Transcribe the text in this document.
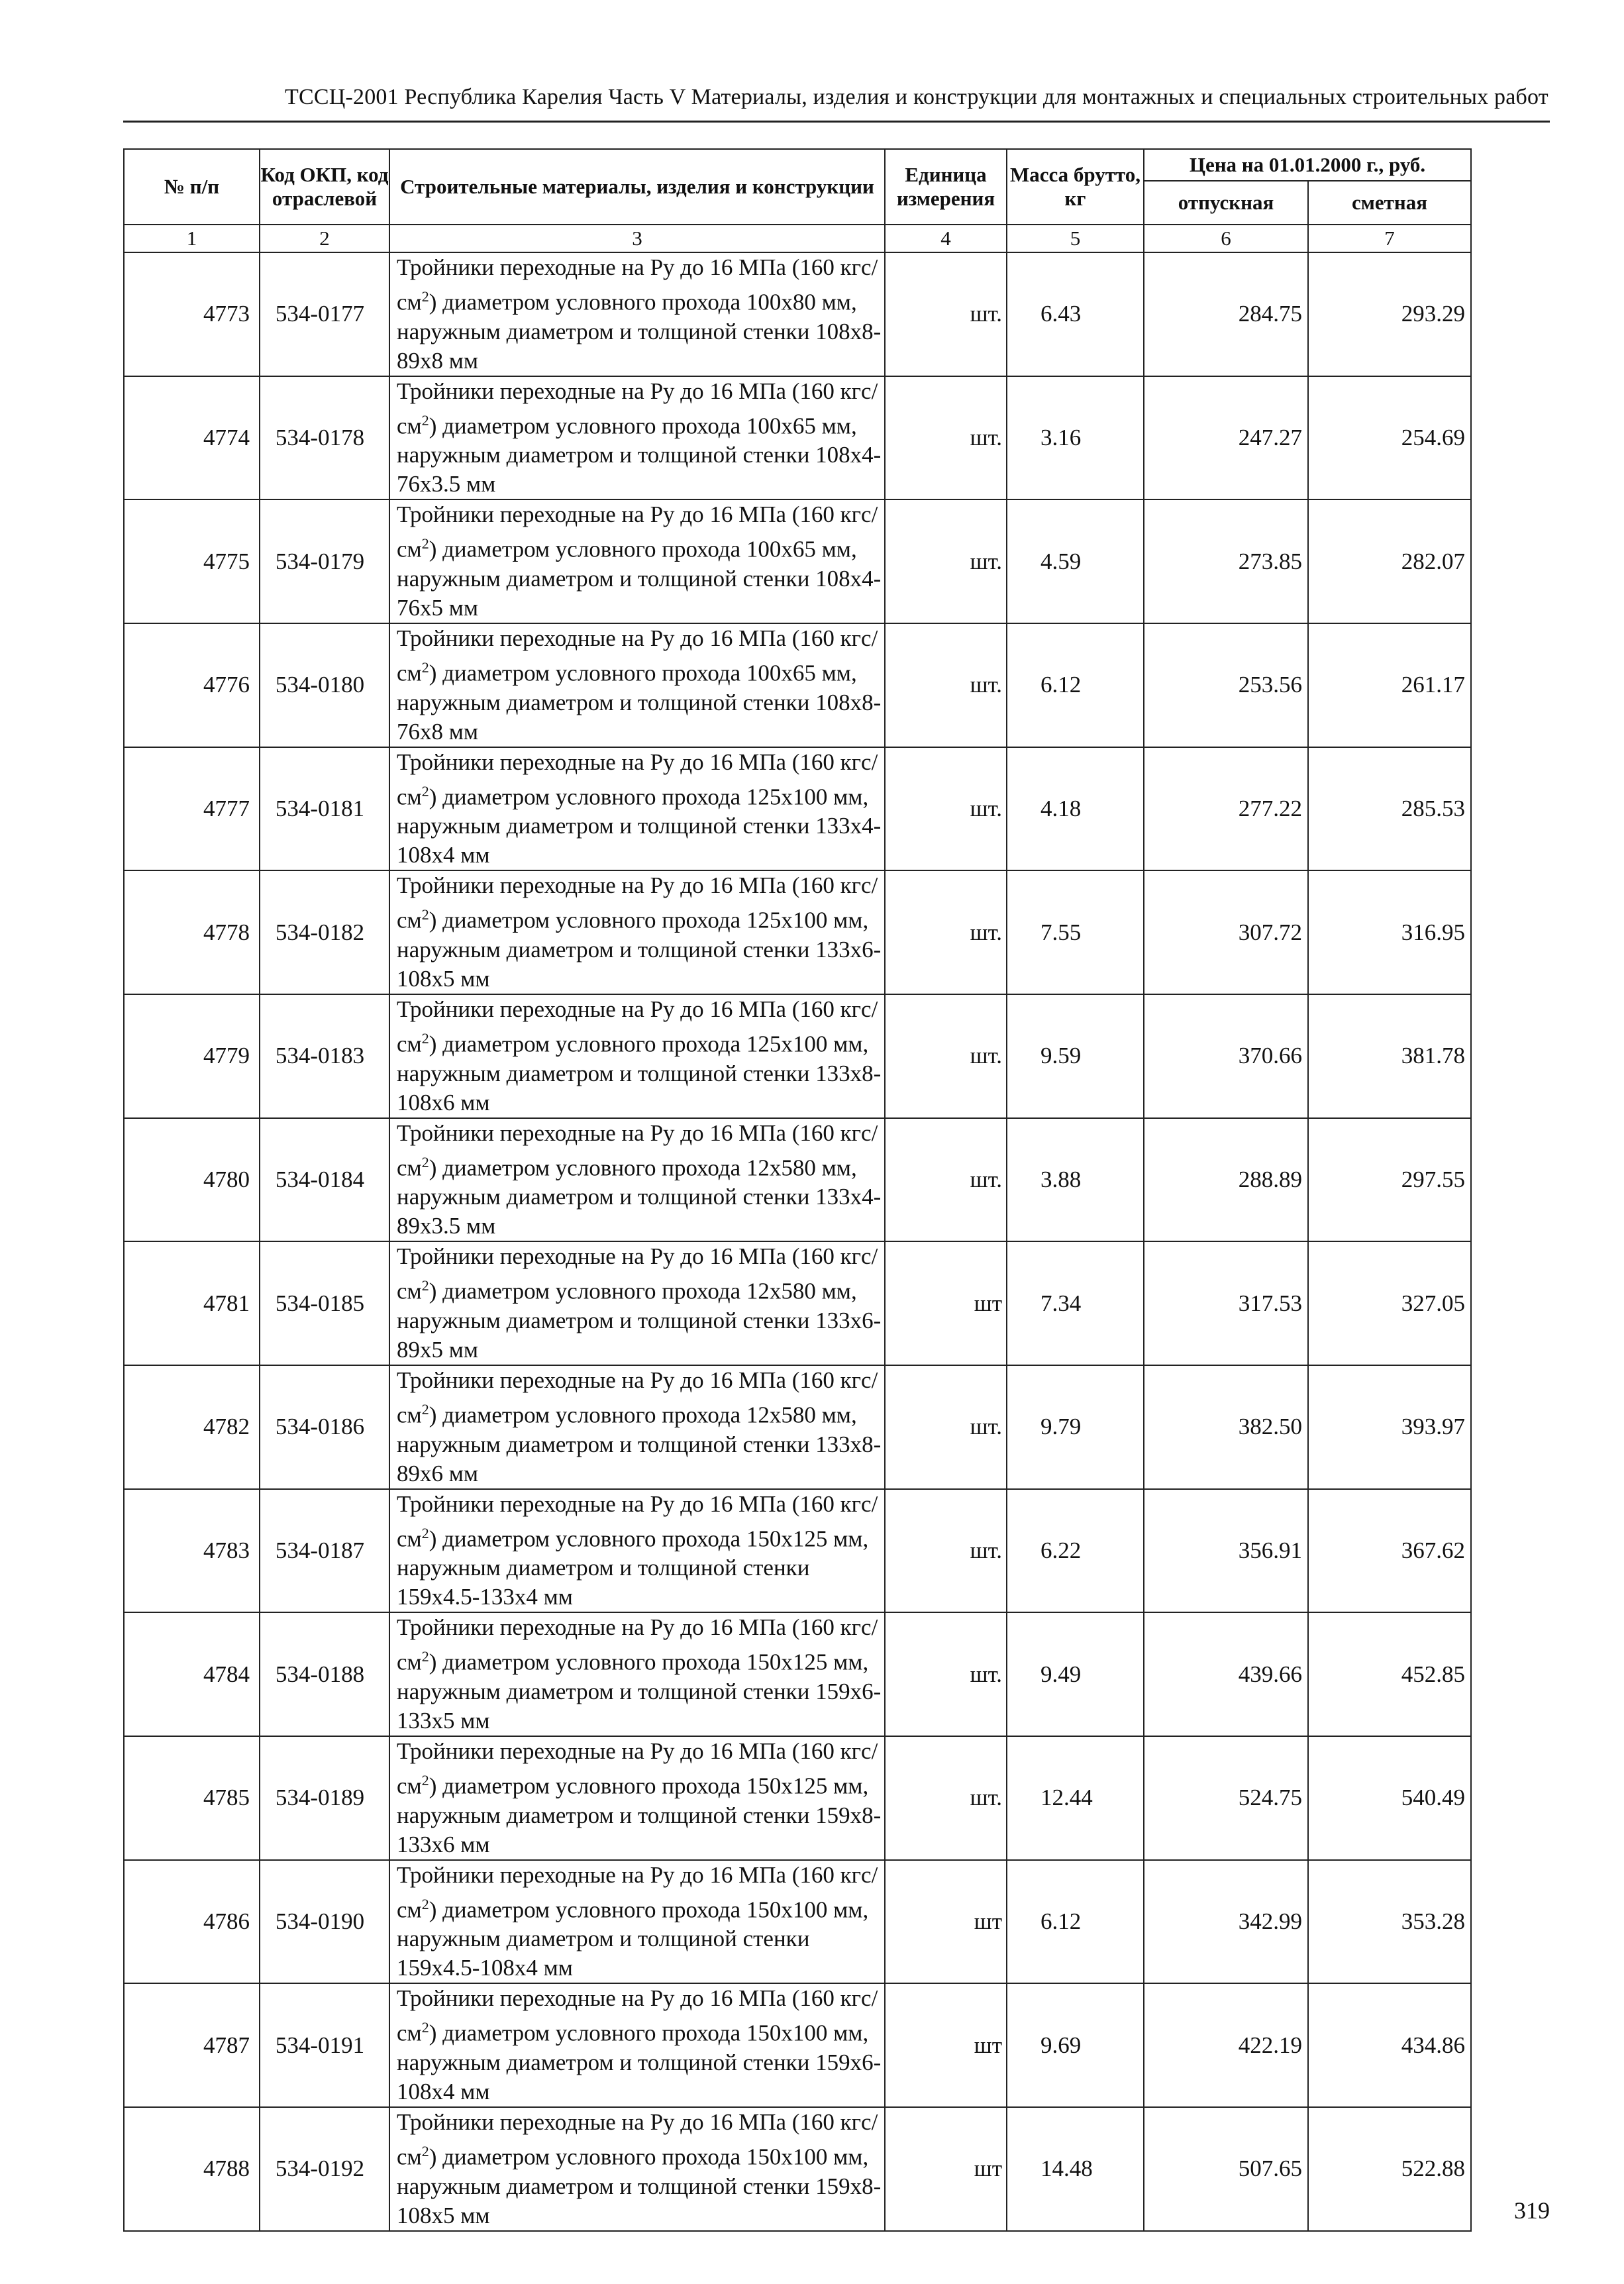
ТССЦ-2001 Республика Карелия Часть V Материалы, изделия и конструкции для монтажных и специальных строительных работ
№ п/п	Код ОКП, код отраслевой	Строительные материалы, изделия и конструкции	Единица измерения	Масса брутто, кг	Цена на 01.01.2000 г., руб.	
					отпускная	сметная
1	2	3	4	5	6	7
4773	534-0177	Тройники переходные на Ру до 16 МПа (160 кгс/$см^2$) диаметром условного прохода 100х80 мм, наружным диаметром и толщиной стенки 108х8-89х8 мм	шт.	6.43	284.75	293.29
4774	534-0178	Тройники переходные на Ру до 16 МПа (160 кгс/$см^2$) диаметром условного прохода 100х65 мм, наружным диаметром и толщиной стенки 108х4-76х3.5 мм	шт.	3.16	247.27	254.69
4775	534-0179	Тройники переходные на Ру до 16 МПа (160 кгс/$см^2$) диаметром условного прохода 100х65 мм, наружным диаметром и толщиной стенки 108х4-76х5 мм	шт.	4.59	273.85	282.07
4776	534-0180	Тройники переходные на Ру до 16 МПа (160 кгс/$см^2$) диаметром условного прохода 100х65 мм, наружным диаметром и толщиной стенки 108х8-76х8 мм	шт.	6.12	253.56	261.17
4777	534-0181	Тройники переходные на Ру до 16 МПа (160 кгс/$см^2$) диаметром условного прохода 125х100 мм, наружным диаметром и толщиной стенки 133х4-108х4 мм	шт.	4.18	277.22	285.53
4778	534-0182	Тройники переходные на Ру до 16 МПа (160 кгс/$см^2$) диаметром условного прохода 125х100 мм, наружным диаметром и толщиной стенки 133х6-108х5 мм	шт.	7.55	307.72	316.95
4779	534-0183	Тройники переходные на Ру до 16 МПа (160 кгс/$см^2$) диаметром условного прохода 125х100 мм, наружным диаметром и толщиной стенки 133х8-108х6 мм	шт.	9.59	370.66	381.78
4780	534-0184	Тройники переходные на Ру до 16 МПа (160 кгс/$см^2$) диаметром условного прохода 12х580 мм, наружным диаметром и толщиной стенки 133х4-89х3.5 мм	шт.	3.88	288.89	297.55
4781	534-0185	Тройники переходные на Ру до 16 МПа (160 кгс/$см^2$) диаметром условного прохода 12х580 мм, наружным диаметром и толщиной стенки 133х6-89х5 мм	шт	7.34	317.53	327.05
4782	534-0186	Тройники переходные на Ру до 16 МПа (160 кгс/$см^2$) диаметром условного прохода 12х580 мм, наружным диаметром и толщиной стенки 133х8-89х6 мм	шт.	9.79	382.50	393.97
4783	534-0187	Тройники переходные на Ру до 16 МПа (160 кгс/$см^2$) диаметром условного прохода 150х125 мм, наружным диаметром и толщиной стенки 159х4.5-133х4 мм	шт.	6.22	356.91	367.62
4784	534-0188	Тройники переходные на Ру до 16 МПа (160 кгс/$см^2$) диаметром условного прохода 150х125 мм, наружным диаметром и толщиной стенки 159х6-133х5 мм	шт.	9.49	439.66	452.85
4785	534-0189	Тройники переходные на Ру до 16 МПа (160 кгс/$см^2$) диаметром условного прохода 150х125 мм, наружным диаметром и толщиной стенки 159х8-133х6 мм	шт.	12.44	524.75	540.49
4786	534-0190	Тройники переходные на Ру до 16 МПа (160 кгс/$см^2$) диаметром условного прохода 150х100 мм, наружным диаметром и толщиной стенки 159х4.5-108х4 мм	шт	6.12	342.99	353.28
4787	534-0191	Тройники переходные на Ру до 16 МПа (160 кгс/$см^2$) диаметром условного прохода 150х100 мм, наружным диаметром и толщиной стенки 159х6-108х4 мм	шт	9.69	422.19	434.86
4788	534-0192	Тройники переходные на Ру до 16 МПа (160 кгс/$см^2$) диаметром условного прохода 150х100 мм, наружным диаметром и толщиной стенки 159х8-108х5 мм	шт	14.48	507.65	522.88
319
